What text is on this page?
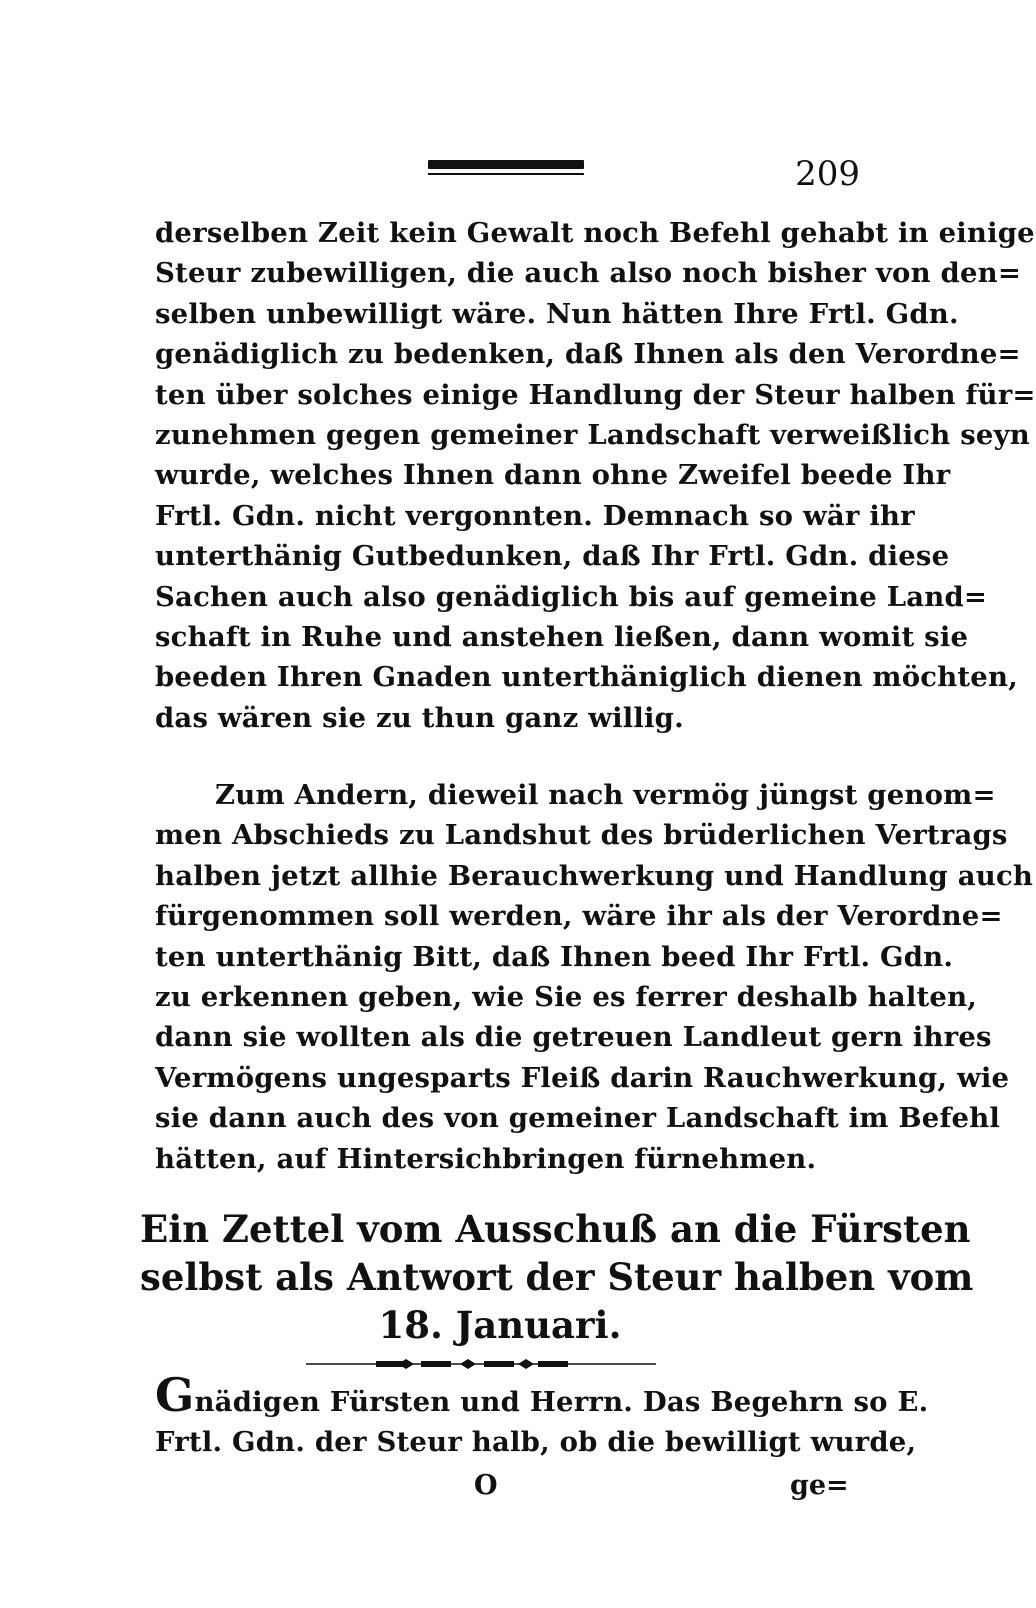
209
derselben Zeit kein Gewalt noch Befehl gehabt in einige
Steur zubewilligen, die auch also noch bisher von den=
selben unbewilligt wäre. Nun hätten Ihre Frtl. Gdn.
genädiglich zu bedenken, daß Ihnen als den Verordne=
ten über solches einige Handlung der Steur halben für=
zunehmen gegen gemeiner Landschaft verweißlich seyn
wurde, welches Ihnen dann ohne Zweifel beede Ihr
Frtl. Gdn. nicht vergonnten. Demnach so wär ihr
unterthänig Gutbedunken, daß Ihr Frtl. Gdn. diese
Sachen auch also genädiglich bis auf gemeine Land=
schaft in Ruhe und anstehen ließen, dann womit sie
beeden Ihren Gnaden unterthäniglich dienen möchten,
das wären sie zu thun ganz willig.
Zum Andern, dieweil nach vermög jüngst genom=
men Abschieds zu Landshut des brüderlichen Vertrags
halben jetzt allhie Berauchwerkung und Handlung auch
fürgenommen soll werden, wäre ihr als der Verordne=
ten unterthänig Bitt, daß Ihnen beed Ihr Frtl. Gdn.
zu erkennen geben, wie Sie es ferrer deshalb halten,
dann sie wollten als die getreuen Landleut gern ihres
Vermögens ungesparts Fleiß darin Rauchwerkung, wie
sie dann auch des von gemeiner Landschaft im Befehl
hätten, auf Hintersichbringen fürnehmen.
Ein Zettel vom Ausschuß an die Fürsten
selbst als Antwort der Steur halben vom
18. Januari.
Gnädigen Fürsten und Herrn. Das Begehrn so E.
Frtl. Gdn. der Steur halb, ob die bewilligt wurde,
O	ge=
